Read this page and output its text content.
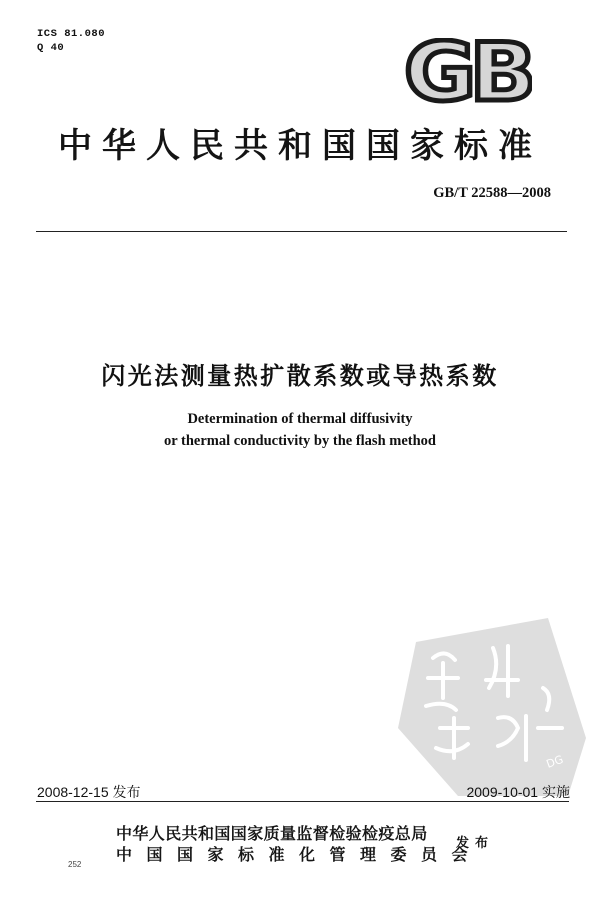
ICS 81.080
Q 40	GB
中华人民共和国国家标准
GB/T 22588—2008
闪光法测量热扩散系数或导热系数
Determination of thermal diffusivity
or thermal conductivity by the flash method
DG
2008-12-15 发布	2009-10-01 实施
中华人民共和国国家质量监督检验检疫总局
中国国家标准化管理委员会
发布
252
